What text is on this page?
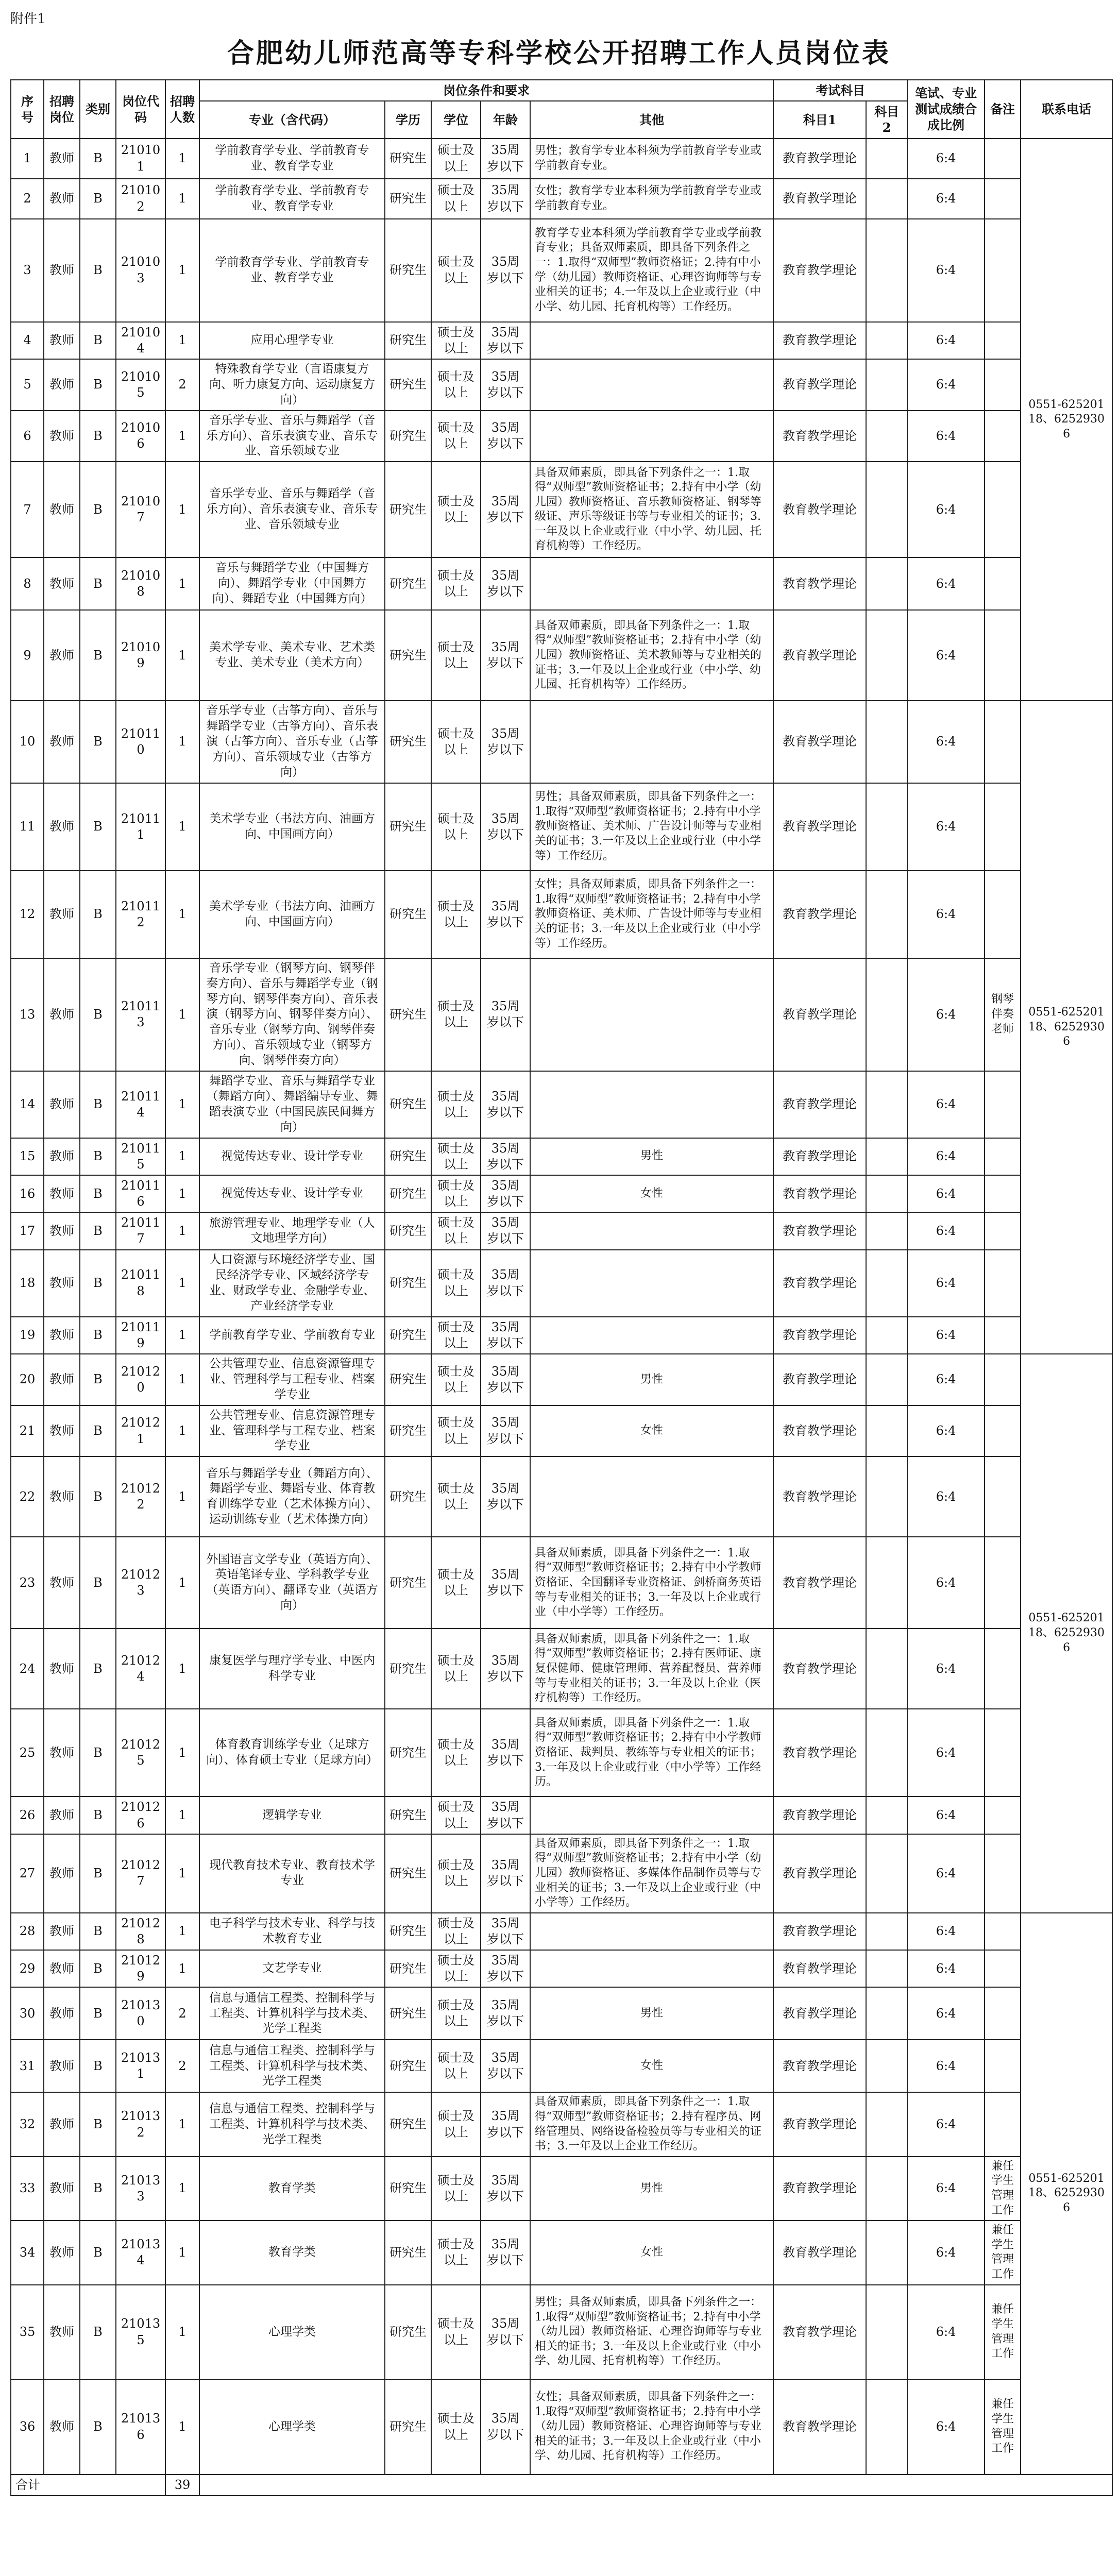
附件1
合肥幼儿师范高等专科学校公开招聘工作人员岗位表
序号	招聘岗位	类别	岗位代码	招聘人数	岗位条件和要求					考试科目		笔试、专业测试成绩合成比例	备注	联系电话
					专业（含代码）	学历	学位	年龄	其他	科目1	科目2			
1	教师	B	210101	1	学前教育学专业、学前教育专业、教育学专业	研究生	硕士及以上	35周岁以下	男性；教育学专业本科须为学前教育学专业或学前教育专业。	教育教学理论		6:4		0551-62520118、62529306
2	教师	B	210102	1	学前教育学专业、学前教育专业、教育学专业	研究生	硕士及以上	35周岁以下	女性；教育学专业本科须为学前教育学专业或学前教育专业。	教育教学理论		6:4		
3	教师	B	210103	1	学前教育学专业、学前教育专业、教育学专业	研究生	硕士及以上	35周岁以下	教育学专业本科须为学前教育学专业或学前教育专业；具备双师素质，即具备下列条件之一：1.取得“双师型”教师资格证；2.持有中小学（幼儿园）教师资格证、心理咨询师等与专业相关的证书；4.一年及以上企业或行业（中小学、幼儿园、托育机构等）工作经历。	教育教学理论		6:4		
4	教师	B	210104	1	应用心理学专业	研究生	硕士及以上	35周岁以下		教育教学理论		6:4		
5	教师	B	210105	2	特殊教育学专业（言语康复方向、听力康复方向、运动康复方向）	研究生	硕士及以上	35周岁以下		教育教学理论		6:4		
6	教师	B	210106	1	音乐学专业、音乐与舞蹈学（音乐方向）、音乐表演专业、音乐专业、音乐领域专业	研究生	硕士及以上	35周岁以下		教育教学理论		6:4		
7	教师	B	210107	1	音乐学专业、音乐与舞蹈学（音乐方向）、音乐表演专业、音乐专业、音乐领域专业	研究生	硕士及以上	35周岁以下	具备双师素质，即具备下列条件之一：1.取得“双师型”教师资格证书；2.持有中小学（幼儿园）教师资格证、音乐教师资格证、钢琴等级证、声乐等级证书等与专业相关的证书；3.一年及以上企业或行业（中小学、幼儿园、托育机构等）工作经历。	教育教学理论		6:4		
8	教师	B	210108	1	音乐与舞蹈学专业（中国舞方向）、舞蹈学专业（中国舞方向）、舞蹈专业（中国舞方向）	研究生	硕士及以上	35周岁以下		教育教学理论		6:4		
9	教师	B	210109	1	美术学专业、美术专业、艺术类专业、美术专业（美术方向）	研究生	硕士及以上	35周岁以下	具备双师素质，即具备下列条件之一：1.取得“双师型”教师资格证书；2.持有中小学（幼儿园）教师资格证、美术教师等与专业相关的证书；3.一年及以上企业或行业（中小学、幼儿园、托育机构等）工作经历。	教育教学理论		6:4		
10	教师	B	210110	1	音乐学专业（古筝方向）、音乐与舞蹈学专业（古筝方向）、音乐表演（古筝方向）、音乐专业（古筝方向）、音乐领域专业（古筝方向）	研究生	硕士及以上	35周岁以下		教育教学理论		6:4		0551-62520118、62529306
11	教师	B	210111	1	美术学专业（书法方向、油画方向、中国画方向）	研究生	硕士及以上	35周岁以下	男性；具备双师素质，即具备下列条件之一：1.取得“双师型”教师资格证书；2.持有中小学教师资格证、美术师、广告设计师等与专业相关的证书；3.一年及以上企业或行业（中小学等）工作经历。	教育教学理论		6:4		
12	教师	B	210112	1	美术学专业（书法方向、油画方向、中国画方向）	研究生	硕士及以上	35周岁以下	女性；具备双师素质，即具备下列条件之一：1.取得“双师型”教师资格证书；2.持有中小学教师资格证、美术师、广告设计师等与专业相关的证书；3.一年及以上企业或行业（中小学等）工作经历。	教育教学理论		6:4		
13	教师	B	210113	1	音乐学专业（钢琴方向、钢琴伴奏方向）、音乐与舞蹈学专业（钢琴方向、钢琴伴奏方向）、音乐表演（钢琴方向、钢琴伴奏方向）、音乐专业（钢琴方向、钢琴伴奏方向）、音乐领域专业（钢琴方向、钢琴伴奏方向）	研究生	硕士及以上	35周岁以下		教育教学理论		6:4	钢琴伴奏老师	
14	教师	B	210114	1	舞蹈学专业、音乐与舞蹈学专业（舞蹈方向）、舞蹈编导专业、舞蹈表演专业（中国民族民间舞方向）	研究生	硕士及以上	35周岁以下		教育教学理论		6:4		
15	教师	B	210115	1	视觉传达专业、设计学专业	研究生	硕士及以上	35周岁以下	男性	教育教学理论		6:4		
16	教师	B	210116	1	视觉传达专业、设计学专业	研究生	硕士及以上	35周岁以下	女性	教育教学理论		6:4		
17	教师	B	210117	1	旅游管理专业、地理学专业（人文地理学方向）	研究生	硕士及以上	35周岁以下		教育教学理论		6:4		
18	教师	B	210118	1	人口资源与环境经济学专业、国民经济学专业、区域经济学专业、财政学专业、金融学专业、产业经济学专业	研究生	硕士及以上	35周岁以下		教育教学理论		6:4		
19	教师	B	210119	1	学前教育学专业、学前教育专业	研究生	硕士及以上	35周岁以下		教育教学理论		6:4		
20	教师	B	210120	1	公共管理专业、信息资源管理专业、管理科学与工程专业、档案学专业	研究生	硕士及以上	35周岁以下	男性	教育教学理论		6:4		0551-62520118、62529306
21	教师	B	210121	1	公共管理专业、信息资源管理专业、管理科学与工程专业、档案学专业	研究生	硕士及以上	35周岁以下	女性	教育教学理论		6:4		
22	教师	B	210122	1	音乐与舞蹈学专业（舞蹈方向）、舞蹈学专业、舞蹈专业、体育教育训练学专业（艺术体操方向）、运动训练专业（艺术体操方向）	研究生	硕士及以上	35周岁以下		教育教学理论		6:4		
23	教师	B	210123	1	外国语言文学专业（英语方向）、英语笔译专业、学科教学专业（英语方向）、翻译专业（英语方向）	研究生	硕士及以上	35周岁以下	具备双师素质，即具备下列条件之一：1.取得“双师型”教师资格证书；2.持有中小学教师资格证、全国翻译专业资格证、剑桥商务英语等与专业相关的证书；3.一年及以上企业或行业（中小学等）工作经历。	教育教学理论		6:4		
24	教师	B	210124	1	康复医学与理疗学专业、中医内科学专业	研究生	硕士及以上	35周岁以下	具备双师素质，即具备下列条件之一：1.取得“双师型”教师资格证书；2.持有医师证、康复保健师、健康管理师、营养配餐员、营养师等与专业相关的证书；3.一年及以上企业（医疗机构等）工作经历。	教育教学理论		6:4		
25	教师	B	210125	1	体育教育训练学专业（足球方向）、体育硕士专业（足球方向）	研究生	硕士及以上	35周岁以下	具备双师素质，即具备下列条件之一：1.取得“双师型”教师资格证书；2.持有中小学教师资格证、裁判员、教练等与专业相关的证书；3.一年及以上企业或行业（中小学等）工作经历。	教育教学理论		6:4		
26	教师	B	210126	1	逻辑学专业	研究生	硕士及以上	35周岁以下		教育教学理论		6:4		
27	教师	B	210127	1	现代教育技术专业、教育技术学专业	研究生	硕士及以上	35周岁以下	具备双师素质，即具备下列条件之一：1.取得“双师型”教师资格证书；2.持有中小学（幼儿园）教师资格证、多媒体作品制作员等与专业相关的证书；3.一年及以上企业或行业（中小学等）工作经历。	教育教学理论		6:4		
28	教师	B	210128	1	电子科学与技术专业、科学与技术教育专业	研究生	硕士及以上	35周岁以下		教育教学理论		6:4		0551-62520118、62529306
29	教师	B	210129	1	文艺学专业	研究生	硕士及以上	35周岁以下		教育教学理论		6:4		
30	教师	B	210130	2	信息与通信工程类、控制科学与工程类、计算机科学与技术类、光学工程类	研究生	硕士及以上	35周岁以下	男性	教育教学理论		6:4		
31	教师	B	210131	2	信息与通信工程类、控制科学与工程类、计算机科学与技术类、光学工程类	研究生	硕士及以上	35周岁以下	女性	教育教学理论		6:4		
32	教师	B	210132	1	信息与通信工程类、控制科学与工程类、计算机科学与技术类、光学工程类	研究生	硕士及以上	35周岁以下	具备双师素质，即具备下列条件之一：1.取得“双师型”教师资格证书；2.持有程序员、网络管理员、网络设备检验员等与专业相关的证书；3.一年及以上企业工作经历。	教育教学理论		6:4		
33	教师	B	210133	1	教育学类	研究生	硕士及以上	35周岁以下	男性	教育教学理论		6:4	兼任学生管理工作	
34	教师	B	210134	1	教育学类	研究生	硕士及以上	35周岁以下	女性	教育教学理论		6:4	兼任学生管理工作	
35	教师	B	210135	1	心理学类	研究生	硕士及以上	35周岁以下	男性；具备双师素质，即具备下列条件之一：1.取得“双师型”教师资格证书；2.持有中小学（幼儿园）教师资格证、心理咨询师等与专业相关的证书；3.一年及以上企业或行业（中小学、幼儿园、托育机构等）工作经历。	教育教学理论		6:4	兼任学生管理工作	
36	教师	B	210136	1	心理学类	研究生	硕士及以上	35周岁以下	女性；具备双师素质，即具备下列条件之一：1.取得“双师型”教师资格证书；2.持有中小学（幼儿园）教师资格证、心理咨询师等与专业相关的证书；3.一年及以上企业或行业（中小学、幼儿园、托育机构等）工作经历。	教育教学理论		6:4	兼任学生管理工作	
合计				39										
